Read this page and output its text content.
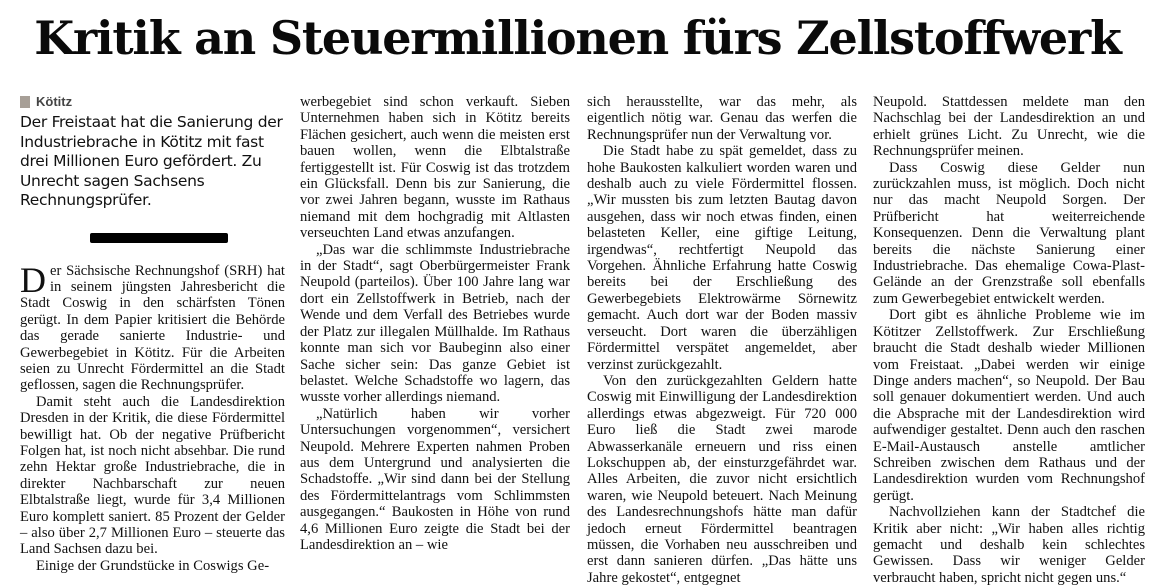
Kritik an Steuermillionen fürs Zellstoffwerk
Kötitz
Der Freistaat hat die Sanierung der Industriebrache in Kötitz mit fast drei Millionen Euro gefördert. Zu Unrecht sagen Sachsens Rechnungsprüfer.

Der Sächsische Rechnungshof (SRH) hat in seinem jüngsten Jahresbericht die Stadt Coswig in den schärfsten Tönen gerügt. In dem Papier kritisiert die Behörde das gerade sanierte Industrie- und Gewerbegebiet in Kötitz. Für die Arbeiten seien zu Unrecht Fördermittel an die Stadt geflossen, sagen die Rechnungsprüfer.

Damit steht auch die Landesdirektion Dresden in der Kritik, die diese Fördermittel bewilligt hat. Ob der negative Prüfbericht Folgen hat, ist noch nicht absehbar. Die rund zehn Hektar große Industriebrache, die in direkter Nachbarschaft zur neuen Elbtalstraße liegt, wurde für 3,4 Millionen Euro komplett saniert. 85 Prozent der Gelder – also über 2,7 Millionen Euro – steuerte das Land Sachsen dazu bei.

Einige der Grundstücke in Coswigs Ge-

werbegebiet sind schon verkauft. Sieben Unternehmen haben sich in Kötitz bereits Flächen gesichert, auch wenn die meisten erst bauen wollen, wenn die Elbtalstraße fertiggestellt ist. Für Coswig ist das trotzdem ein Glücksfall. Denn bis zur Sanierung, die vor zwei Jahren begann, wusste im Rathaus niemand mit dem hochgradig mit Altlasten verseuchten Land etwas anzufangen.

„Das war die schlimmste Industriebrache in der Stadt“, sagt Oberbürgermeister Frank Neupold (parteilos). Über 100 Jahre lang war dort ein Zellstoffwerk in Betrieb, nach der Wende und dem Verfall des Betriebes wurde der Platz zur illegalen Müllhalde. Im Rathaus konnte man sich vor Baubeginn also einer Sache sicher sein: Das ganze Gebiet ist belastet. Welche Schadstoffe wo lagern, das wusste vorher allerdings niemand.

„Natürlich haben wir vorher Untersuchungen vorgenommen“, versichert Neupold. Mehrere Experten nahmen Proben aus dem Untergrund und analysierten die Schadstoffe. „Wir sind dann bei der Stellung des Fördermittelantrags vom Schlimmsten ausgegangen.“ Baukosten in Höhe von rund 4,6 Millionen Euro zeigte die Stadt bei der Landesdirektion an – wie

sich herausstellte, war das mehr, als eigentlich nötig war. Genau das werfen die Rechnungsprüfer nun der Verwaltung vor.

Die Stadt habe zu spät gemeldet, dass zu hohe Baukosten kalkuliert worden waren und deshalb auch zu viele Fördermittel flossen. „Wir mussten bis zum letzten Bautag davon ausgehen, dass wir noch etwas finden, einen belasteten Keller, eine giftige Leitung, irgendwas“, rechtfertigt Neupold das Vorgehen. Ähnliche Erfahrung hatte Coswig bereits bei der Erschließung des Gewerbegebiets Elektrowärme Sörnewitz gemacht. Auch dort war der Boden massiv verseucht. Dort waren die überzähligen Fördermittel verspätet angemeldet, aber verzinst zurückgezahlt.

Von den zurückgezahlten Geldern hatte Coswig mit Einwilligung der Landesdirektion allerdings etwas abgezweigt. Für 720 000 Euro ließ die Stadt zwei marode Abwasserkanäle erneuern und riss einen Lokschuppen ab, der einsturzgefährdet war. Alles Arbeiten, die zuvor nicht ersichtlich waren, wie Neupold beteuert. Nach Meinung des Landesrechnungshofs hätte man dafür jedoch erneut Fördermittel beantragen müssen, die Vorhaben neu ausschreiben und erst dann sanieren dürfen. „Das hätte uns Jahre gekostet“, entgegnet

Neupold. Stattdessen meldete man den Nachschlag bei der Landesdirektion an und erhielt grünes Licht. Zu Unrecht, wie die Rechnungsprüfer meinen.

Dass Coswig diese Gelder nun zurückzahlen muss, ist möglich. Doch nicht nur das macht Neupold Sorgen. Der Prüfbericht hat weiterreichende Konsequenzen. Denn die Verwaltung plant bereits die nächste Sanierung einer Industriebrache. Das ehemalige Cowa-Plast-Gelände an der Grenzstraße soll ebenfalls zum Gewerbegebiet entwickelt werden.

Dort gibt es ähnliche Probleme wie im Kötitzer Zellstoffwerk. Zur Erschließung braucht die Stadt deshalb wieder Millionen vom Freistaat. „Dabei werden wir einige Dinge anders machen“, so Neupold. Der Bau soll genauer dokumentiert werden. Und auch die Absprache mit der Landesdirektion wird aufwendiger gestaltet. Denn auch den raschen E-Mail-Austausch anstelle amtlicher Schreiben zwischen dem Rathaus und der Landesdirektion wurden vom Rechnungshof gerügt.

Nachvollziehen kann der Stadtchef die Kritik aber nicht: „Wir haben alles richtig gemacht und deshalb kein schlechtes Gewissen. Dass wir weniger Gelder verbraucht haben, spricht nicht gegen uns.“
